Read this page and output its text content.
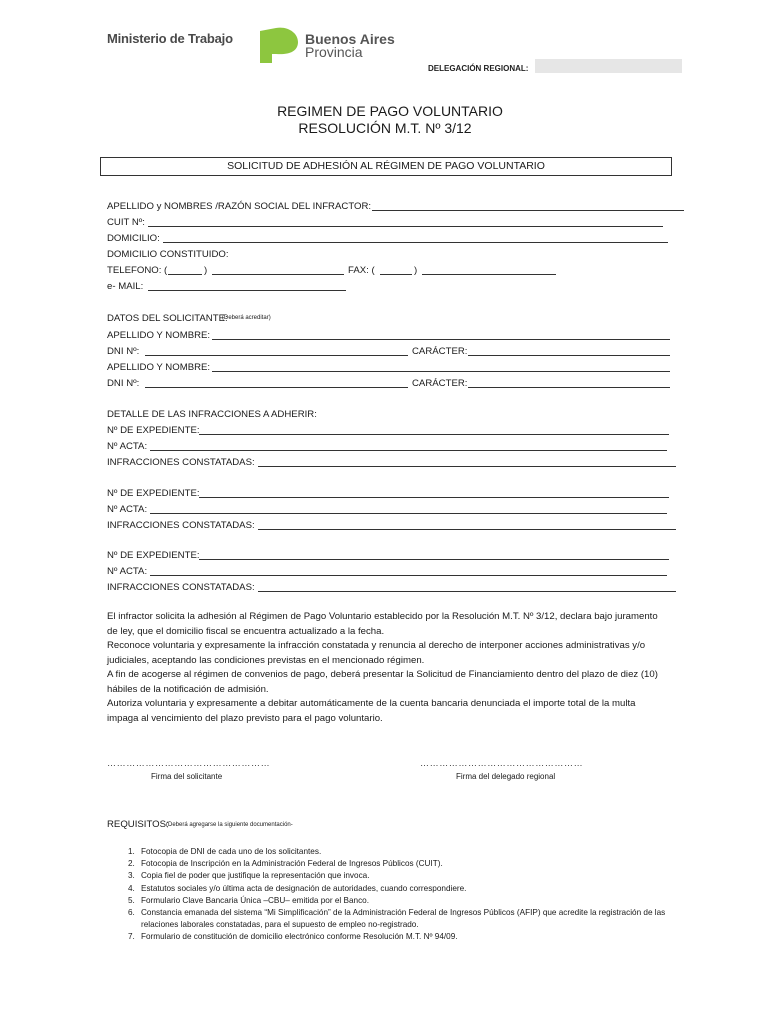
Ministerio de Trabajo	Buenos Aires
Provincia
DELEGACIÓN REGIONAL:
REGIMEN DE PAGO VOLUNTARIO
RESOLUCIÓN M.T. Nº 3/12
SOLICITUD DE ADHESIÓN AL RÉGIMEN DE PAGO VOLUNTARIO
APELLIDO y NOMBRES /RAZÓN SOCIAL DEL INFRACTOR:
CUIT Nº:
DOMICILIO:
DOMICILIO CONSTITUIDO:
TELEFONO: (	)	FAX: (	)
e- MAIL:
DATOS DEL SOLICITANTE:
(Deberá acreditar)
APELLIDO Y NOMBRE:
DNI Nº:	CARÁCTER:
APELLIDO Y NOMBRE:
DNI Nº:	CARÁCTER:
DETALLE DE LAS INFRACCIONES A ADHERIR:
Nº DE EXPEDIENTE:
Nº ACTA:
INFRACCIONES CONSTATADAS:
Nº DE EXPEDIENTE:
Nº ACTA:
INFRACCIONES CONSTATADAS:
Nº DE EXPEDIENTE:
Nº ACTA:
INFRACCIONES CONSTATADAS:

El infractor solicita la adhesión al Régimen de Pago Voluntario establecido por la Resolución M.T. Nº 3/12, declara bajo juramento de ley, que el domicilio fiscal se encuentra actualizado a la fecha.

Reconoce voluntaria y expresamente la infracción constatada y renuncia al derecho de interponer acciones administrativas y/o judiciales, aceptando las condiciones previstas en el mencionado régimen.

A fin de acogerse al régimen de convenios de pago, deberá presentar la Solicitud de Financiamiento dentro del plazo de diez (10) hábiles de la notificación de admisión.

Autoriza voluntaria y expresamente a debitar automáticamente de la cuenta bancaria denunciada el importe total de la multa impaga al vencimiento del plazo previsto para el pago voluntario.

……………………………………………	……………………………………………
Firma del solicitante	Firma del delegado regional
REQUISITOS:
(Deberá agregarse la siguiente documentación-
1. Fotocopia de DNI de cada uno de los solicitantes.
2. Fotocopia de Inscripción en la Administración Federal de Ingresos Públicos (CUIT).
3. Copia fiel de poder que justifique la representación que invoca.
4. Estatutos sociales y/o última acta de designación de autoridades, cuando correspondiere.
5. Formulario Clave Bancaria Única –CBU– emitida por el Banco.
6. Constancia emanada del sistema “Mi Simplificación” de la Administración Federal de Ingresos Públicos (AFIP) que acredite la registración de las relaciones laborales constatadas, para el supuesto de empleo no-registrado.
7. Formulario de constitución de domicilio electrónico conforme Resolución M.T. Nº 94/09.
